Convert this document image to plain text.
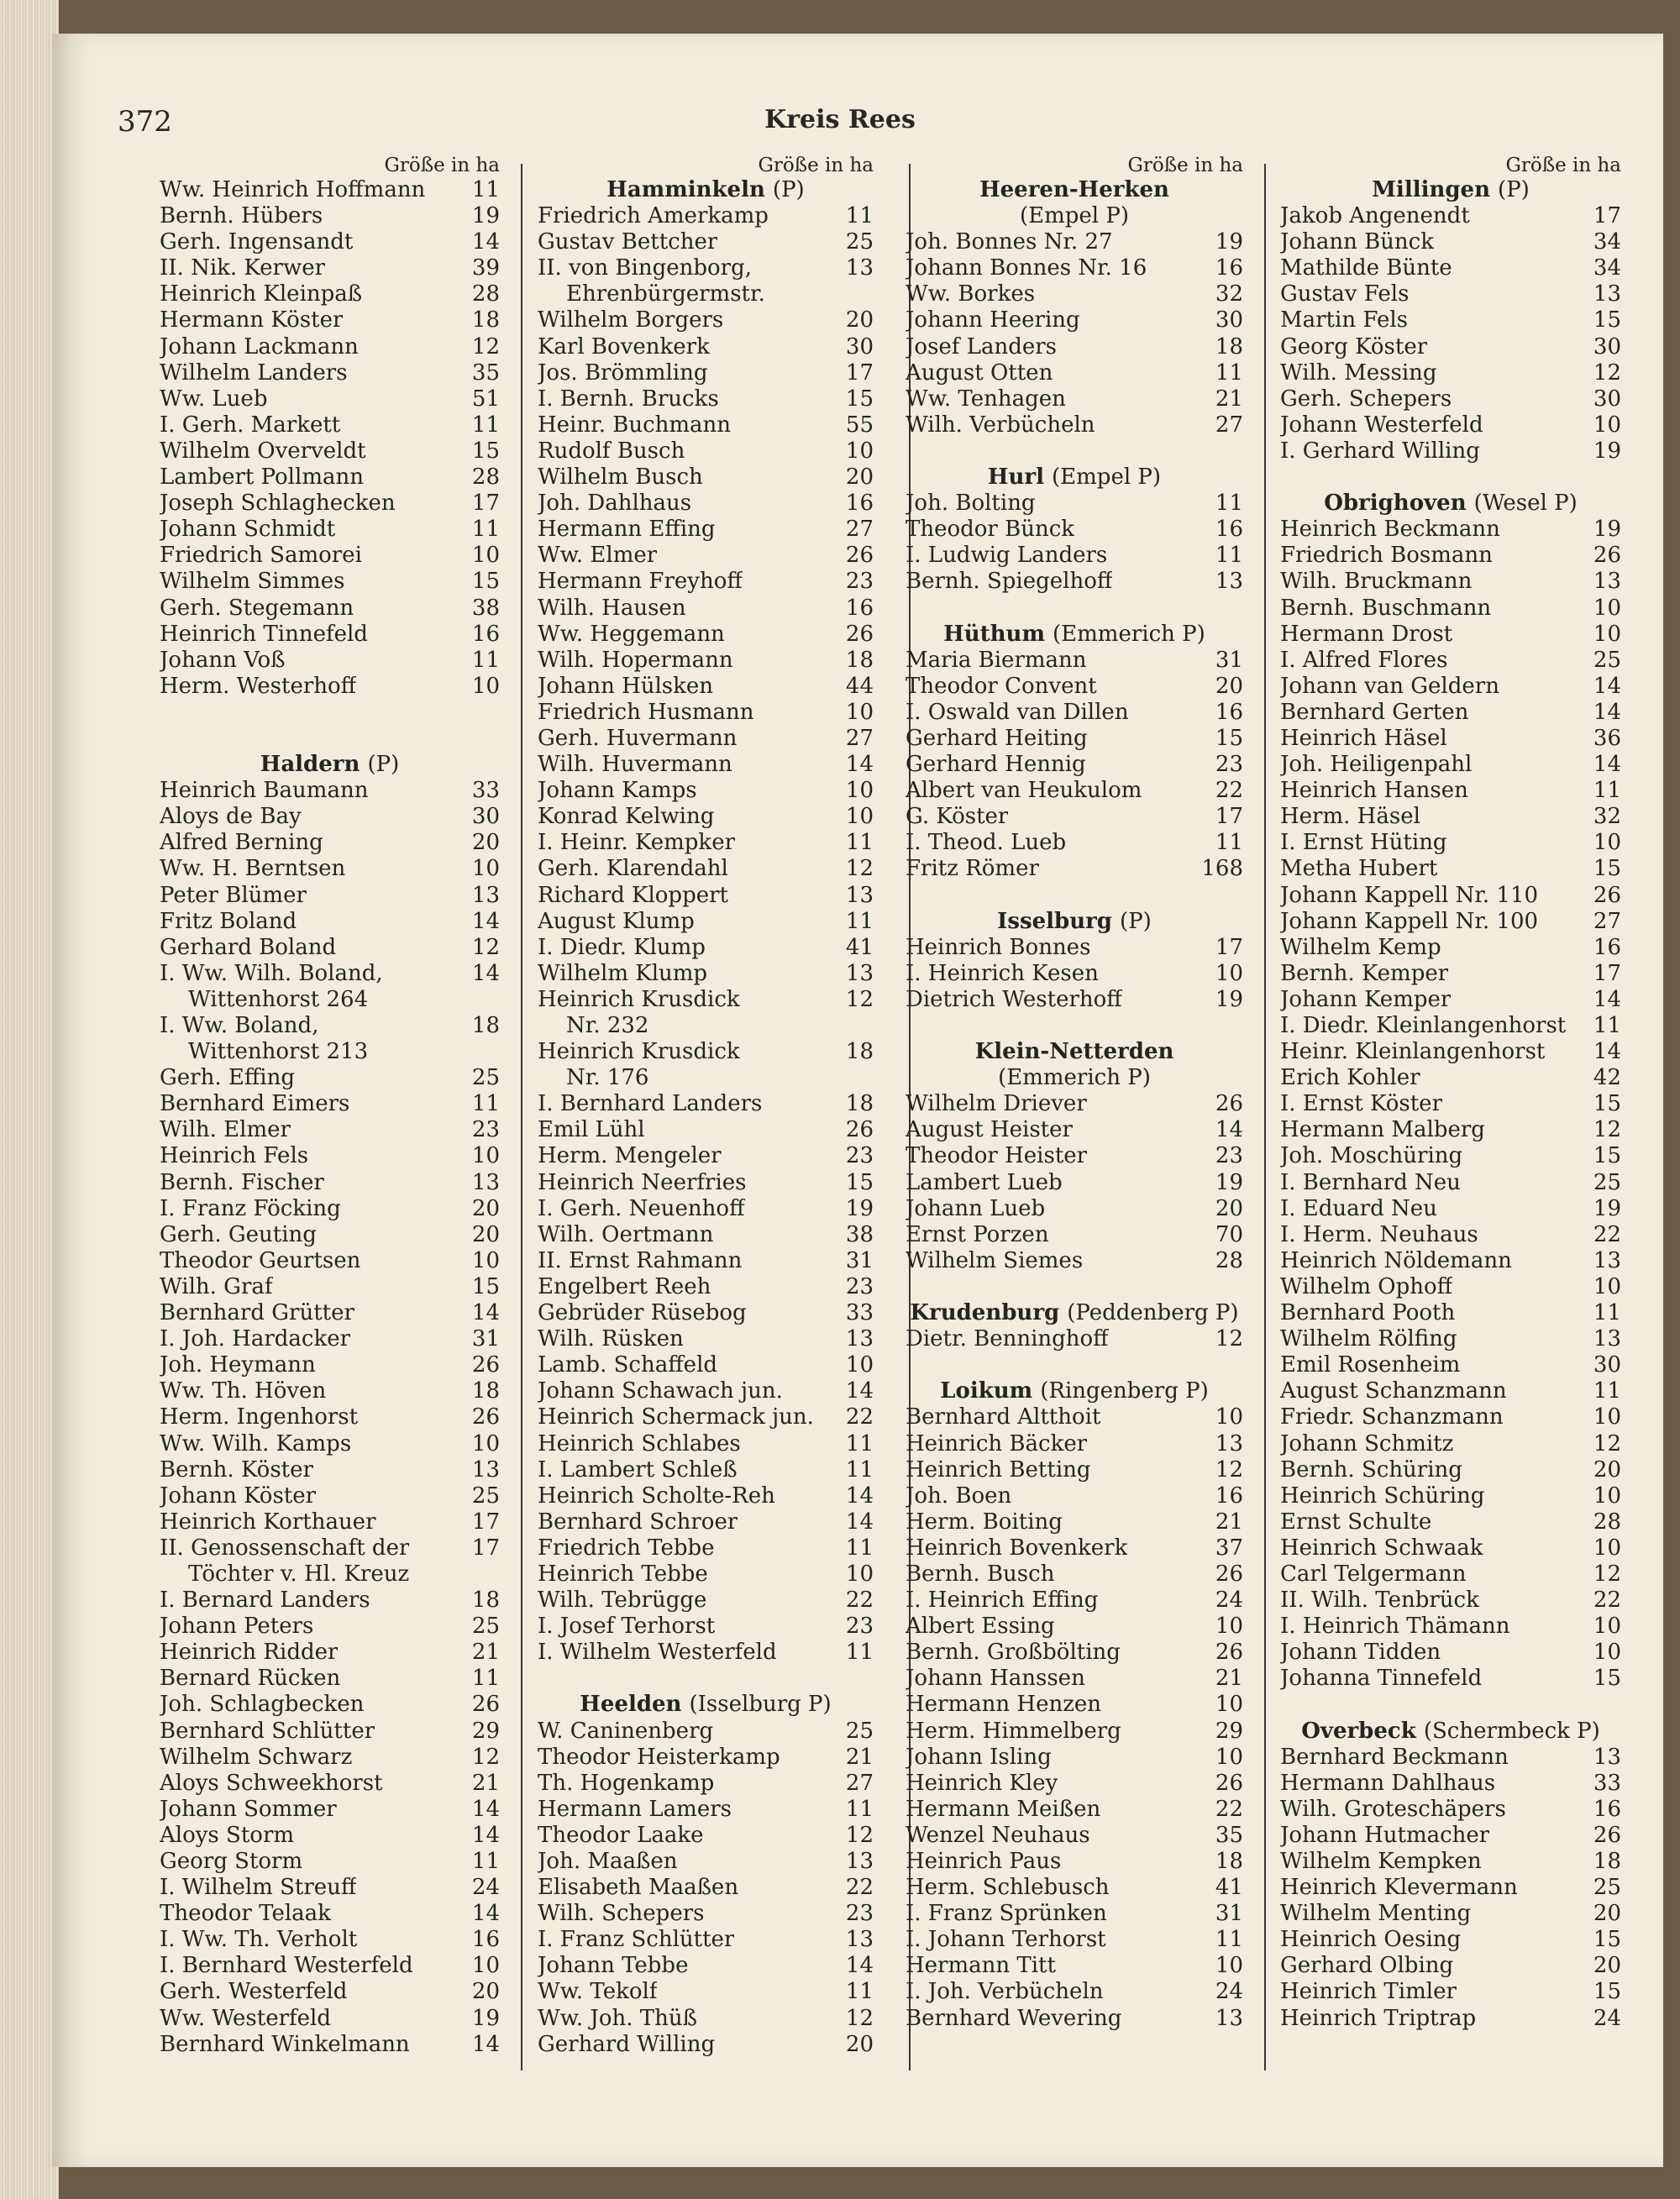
372	Kreis Rees
Größe in ha
Ww. Heinrich Hoffmann	11
Bernh. Hübers	19
Gerh. Ingensandt	14
II. Nik. Kerwer	39
Heinrich Kleinpaß	28
Hermann Köster	18
Johann Lackmann	12
Wilhelm Landers	35
Ww. Lueb	51
I. Gerh. Markett	11
Wilhelm Overveldt	15
Lambert Pollmann	28
Joseph Schlaghecken	17
Johann Schmidt	11
Friedrich Samorei	10
Wilhelm Simmes	15
Gerh. Stegemann	38
Heinrich Tinnefeld	16
Johann Voß	11
Herm. Westerhoff	10
Haldern (P)
Heinrich Baumann	33
Aloys de Bay	30
Alfred Berning	20
Ww. H. Berntsen	10
Peter Blümer	13
Fritz Boland	14
Gerhard Boland	12
I. Ww. Wilh. Boland,	14
Wittenhorst 264
I. Ww. Boland,	18
Wittenhorst 213
Gerh. Effing	25
Bernhard Eimers	11
Wilh. Elmer	23
Heinrich Fels	10
Bernh. Fischer	13
I. Franz Föcking	20
Gerh. Geuting	20
Theodor Geurtsen	10
Wilh. Graf	15
Bernhard Grütter	14
I. Joh. Hardacker	31
Joh. Heymann	26
Ww. Th. Höven	18
Herm. Ingenhorst	26
Ww. Wilh. Kamps	10
Bernh. Köster	13
Johann Köster	25
Heinrich Korthauer	17
II. Genossenschaft der	17
Töchter v. Hl. Kreuz
I. Bernard Landers	18
Johann Peters	25
Heinrich Ridder	21
Bernard Rücken	11
Joh. Schlagbecken	26
Bernhard Schlütter	29
Wilhelm Schwarz	12
Aloys Schweekhorst	21
Johann Sommer	14
Aloys Storm	14
Georg Storm	11
I. Wilhelm Streuff	24
Theodor Telaak	14
I. Ww. Th. Verholt	16
I. Bernhard Westerfeld	10
Gerh. Westerfeld	20
Ww. Westerfeld	19
Bernhard Winkelmann	14
Größe in ha
Hamminkeln (P)
Friedrich Amerkamp	11
Gustav Bettcher	25
II. von Bingenborg,	13
Ehrenbürgermstr.
Wilhelm Borgers	20
Karl Bovenkerk	30
Jos. Brömmling	17
I. Bernh. Brucks	15
Heinr. Buchmann	55
Rudolf Busch	10
Wilhelm Busch	20
Joh. Dahlhaus	16
Hermann Effing	27
Ww. Elmer	26
Hermann Freyhoff	23
Wilh. Hausen	16
Ww. Heggemann	26
Wilh. Hopermann	18
Johann Hülsken	44
Friedrich Husmann	10
Gerh. Huvermann	27
Wilh. Huvermann	14
Johann Kamps	10
Konrad Kelwing	10
I. Heinr. Kempker	11
Gerh. Klarendahl	12
Richard Kloppert	13
August Klump	11
I. Diedr. Klump	41
Wilhelm Klump	13
Heinrich Krusdick	12
Nr. 232
Heinrich Krusdick	18
Nr. 176
I. Bernhard Landers	18
Emil Lühl	26
Herm. Mengeler	23
Heinrich Neerfries	15
I. Gerh. Neuenhoff	19
Wilh. Oertmann	38
II. Ernst Rahmann	31
Engelbert Reeh	23
Gebrüder Rüsebog	33
Wilh. Rüsken	13
Lamb. Schaffeld	10
Johann Schawach jun.	14
Heinrich Schermack jun.	22
Heinrich Schlabes	11
I. Lambert Schleß	11
Heinrich Scholte-Reh	14
Bernhard Schroer	14
Friedrich Tebbe	11
Heinrich Tebbe	10
Wilh. Tebrügge	22
I. Josef Terhorst	23
I. Wilhelm Westerfeld	11
Heelden (Isselburg P)
W. Caninenberg	25
Theodor Heisterkamp	21
Th. Hogenkamp	27
Hermann Lamers	11
Theodor Laake	12
Joh. Maaßen	13
Elisabeth Maaßen	22
Wilh. Schepers	23
I. Franz Schlütter	13
Johann Tebbe	14
Ww. Tekolf	11
Ww. Joh. Thüß	12
Gerhard Willing	20
Größe in ha
Heeren-Herken
(Empel P)
Joh. Bonnes Nr. 27	19
Johann Bonnes Nr. 16	16
Ww. Borkes	32
Johann Heering	30
Josef Landers	18
August Otten	11
Ww. Tenhagen	21
Wilh. Verbücheln	27
Hurl (Empel P)
Joh. Bolting	11
Theodor Bünck	16
I. Ludwig Landers	11
Bernh. Spiegelhoff	13
Hüthum (Emmerich P)
Maria Biermann	31
Theodor Convent	20
I. Oswald van Dillen	16
Gerhard Heiting	15
Gerhard Hennig	23
Albert van Heukulom	22
G. Köster	17
I. Theod. Lueb	11
Fritz Römer	168
Isselburg (P)
Heinrich Bonnes	17
I. Heinrich Kesen	10
Dietrich Westerhoff	19
Klein-Netterden
(Emmerich P)
Wilhelm Driever	26
August Heister	14
Theodor Heister	23
Lambert Lueb	19
Johann Lueb	20
Ernst Porzen	70
Wilhelm Siemes	28
Krudenburg (Peddenberg P)
Dietr. Benninghoff	12
Loikum (Ringenberg P)
Bernhard Altthoit	10
Heinrich Bäcker	13
Heinrich Betting	12
Joh. Boen	16
Herm. Boiting	21
Heinrich Bovenkerk	37
Bernh. Busch	26
I. Heinrich Effing	24
Albert Essing	10
Bernh. Großbölting	26
Johann Hanssen	21
Hermann Henzen	10
Herm. Himmelberg	29
Johann Isling	10
Heinrich Kley	26
Hermann Meißen	22
Wenzel Neuhaus	35
Heinrich Paus	18
Herm. Schlebusch	41
I. Franz Sprünken	31
I. Johann Terhorst	11
Hermann Titt	10
I. Joh. Verbücheln	24
Bernhard Wevering	13
Größe in ha
Millingen (P)
Jakob Angenendt	17
Johann Bünck	34
Mathilde Bünte	34
Gustav Fels	13
Martin Fels	15
Georg Köster	30
Wilh. Messing	12
Gerh. Schepers	30
Johann Westerfeld	10
I. Gerhard Willing	19
Obrighoven (Wesel P)
Heinrich Beckmann	19
Friedrich Bosmann	26
Wilh. Bruckmann	13
Bernh. Buschmann	10
Hermann Drost	10
I. Alfred Flores	25
Johann van Geldern	14
Bernhard Gerten	14
Heinrich Häsel	36
Joh. Heiligenpahl	14
Heinrich Hansen	11
Herm. Häsel	32
I. Ernst Hüting	10
Metha Hubert	15
Johann Kappell Nr. 110	26
Johann Kappell Nr. 100	27
Wilhelm Kemp	16
Bernh. Kemper	17
Johann Kemper	14
I. Diedr. Kleinlangenhorst	11
Heinr. Kleinlangenhorst	14
Erich Kohler	42
I. Ernst Köster	15
Hermann Malberg	12
Joh. Moschüring	15
I. Bernhard Neu	25
I. Eduard Neu	19
I. Herm. Neuhaus	22
Heinrich Nöldemann	13
Wilhelm Ophoff	10
Bernhard Pooth	11
Wilhelm Rölfing	13
Emil Rosenheim	30
August Schanzmann	11
Friedr. Schanzmann	10
Johann Schmitz	12
Bernh. Schüring	20
Heinrich Schüring	10
Ernst Schulte	28
Heinrich Schwaak	10
Carl Telgermann	12
II. Wilh. Tenbrück	22
I. Heinrich Thämann	10
Johann Tidden	10
Johanna Tinnefeld	15
Overbeck (Schermbeck P)
Bernhard Beckmann	13
Hermann Dahlhaus	33
Wilh. Groteschäpers	16
Johann Hutmacher	26
Wilhelm Kempken	18
Heinrich Klevermann	25
Wilhelm Menting	20
Heinrich Oesing	15
Gerhard Olbing	20
Heinrich Timler	15
Heinrich Triptrap	24
